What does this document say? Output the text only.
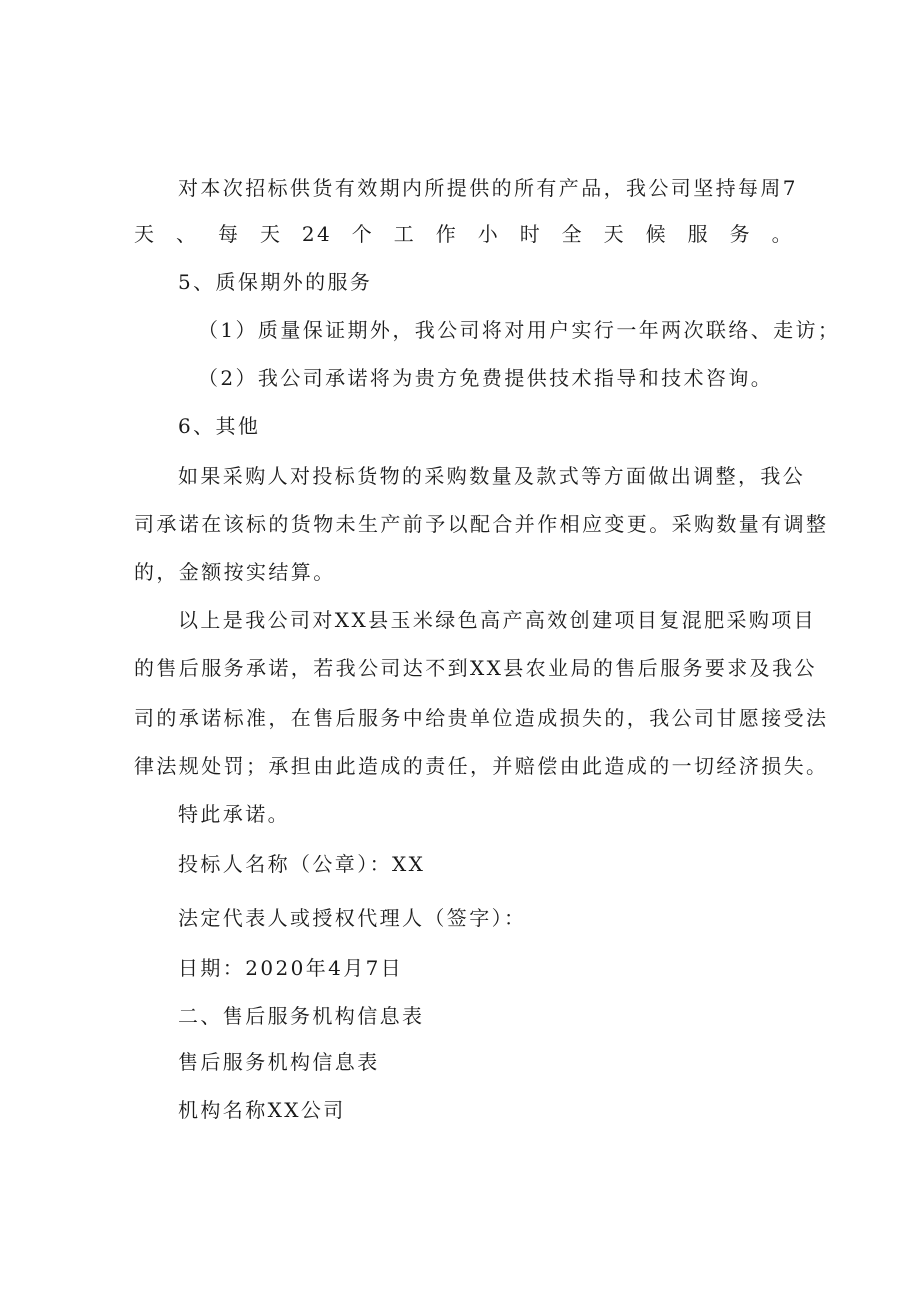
对本次招标供货有效期内所提供的所有产品，我公司坚持每周7
天、每天24个工作小时全天候服务。
5、质保期外的服务
（1）质量保证期外，我公司将对用户实行一年两次联络、走访；
（2）我公司承诺将为贵方免费提供技术指导和技术咨询。
6、其他
如果采购人对投标货物的采购数量及款式等方面做出调整，我公
司承诺在该标的货物未生产前予以配合并作相应变更。采购数量有调整
的，金额按实结算。
以上是我公司对XX县玉米绿色高产高效创建项目复混肥采购项目
的售后服务承诺，若我公司达不到XX县农业局的售后服务要求及我公
司的承诺标准，在售后服务中给贵单位造成损失的，我公司甘愿接受法
律法规处罚；承担由此造成的责任，并赔偿由此造成的一切经济损失。
特此承诺。
投标人名称（公章）：XX
法定代表人或授权代理人（签字）：
日期：2020年4月7日
二、售后服务机构信息表
售后服务机构信息表
机构名称XX公司
